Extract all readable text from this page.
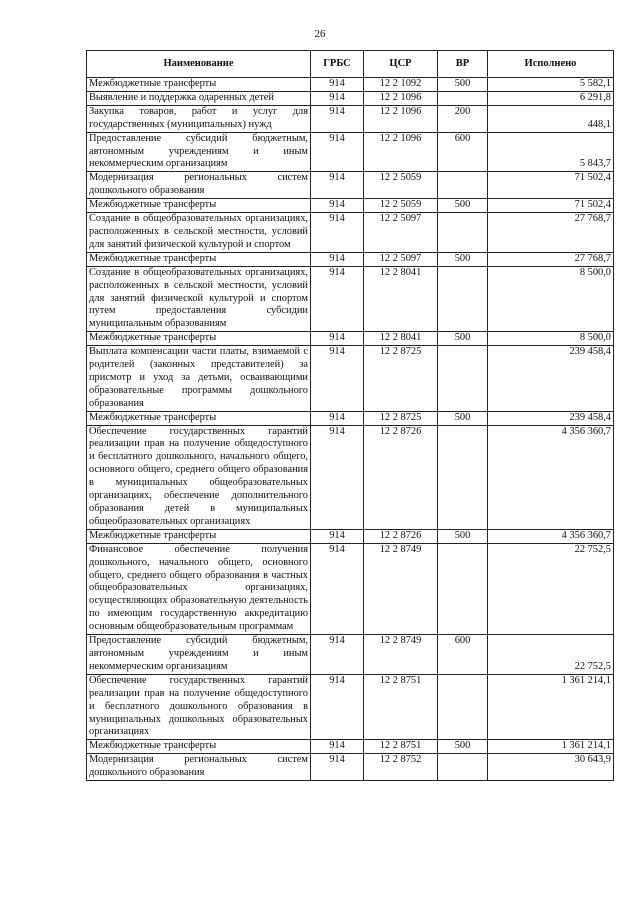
26
Наименование	ГРБС	ЦСР	ВР	Исполнено
Межбюджетные трансферты	914	12 2 1092	500	5 582,1
Выявление и поддержка одаренных детей	914	12 2 1096		6 291,8
Закупка товаров, работ и услуг для государственных (муниципальных) нужд	914	12 2 1096	200	448,1
Предоставление субсидий бюджетным, автономным учреждениям и иным некоммерческим организациям	914	12 2 1096	600	5 843,7
Модернизация региональных систем дошкольного образования	914	12 2 5059		71 502,4
Межбюджетные трансферты	914	12 2 5059	500	71 502,4
Создание в общеобразовательных организациях, расположенных в сельской местности, условий для занятий физической культурой и спортом	914	12 2 5097		27 768,7
Межбюджетные трансферты	914	12 2 5097	500	27 768,7
Создание в общеобразовательных организациях, расположенных в сельской местности, условий для занятий физической культурой и спортом путем предоставления субсидии муниципальным образованиям	914	12 2 8041		8 500,0
Межбюджетные трансферты	914	12 2 8041	500	8 500,0
Выплата компенсации части платы, взимаемой с родителей (законных представителей) за присмотр и уход за детьми, осваивающими образовательные программы дошкольного образования	914	12 2 8725		239 458,4
Межбюджетные трансферты	914	12 2 8725	500	239 458,4
Обеспечение государственных гарантий реализации прав на получение общедоступного и бесплатного дошкольного, начального общего, основного общего, среднего общего образования в муниципальных общеобразовательных организациях, обеспечение дополнительного образования детей в муниципальных общеобразовательных организациях	914	12 2 8726		4 356 360,7
Межбюджетные трансферты	914	12 2 8726	500	4 356 360,7
Финансовое обеспечение получения дошкольного, начального общего, основного общего, среднего общего образования в частных общеобразовательных организациях, осуществляющих образовательную деятельность по имеющим государственную аккредитацию основным общеобразовательным программам	914	12 2 8749		22 752,5
Предоставление субсидий бюджетным, автономным учреждениям и иным некоммерческим организациям	914	12 2 8749	600	22 752,5
Обеспечение государственных гарантий реализации прав на получение общедоступного и бесплатного дошкольного образования в муниципальных дошкольных образовательных организациях	914	12 2 8751		1 361 214,1
Межбюджетные трансферты	914	12 2 8751	500	1 361 214,1
Модернизация региональных систем дошкольного образования	914	12 2 8752		30 643,9
